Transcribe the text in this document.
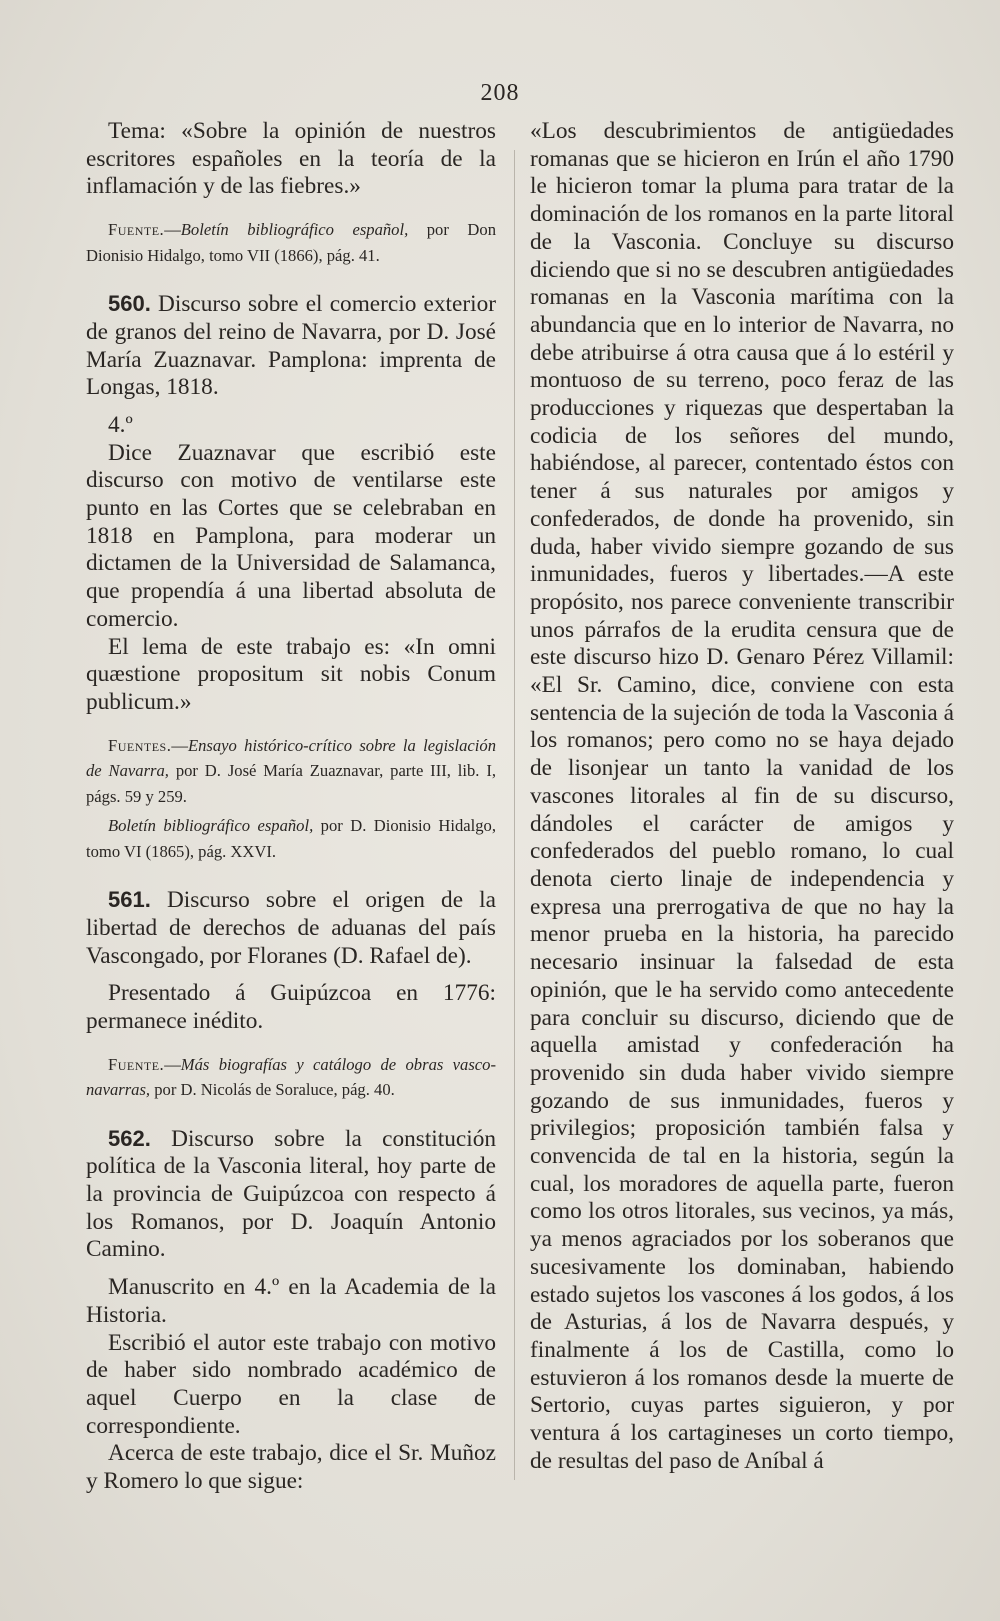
208

Tema: «Sobre la opinión de nuestros escritores españoles en la teoría de la inflamación y de las fiebres.»

Fuente.—Boletín bibliográfico español, por Don Dionisio Hidalgo, tomo VII (1866), pág. 41.

560. Discurso sobre el comercio exterior de granos del reino de Navarra, por D. José María Zuaznavar. Pamplona: imprenta de Longas, 1818.

4.º

Dice Zuaznavar que escribió este discurso con motivo de ventilarse este punto en las Cortes que se celebraban en 1818 en Pamplona, para moderar un dictamen de la Universidad de Salamanca, que propendía á una libertad absoluta de comercio.

El lema de este trabajo es: «In omni quæstione propositum sit nobis Conum publicum.»

Fuentes.—Ensayo histórico-crítico sobre la legislación de Navarra, por D. José María Zuaznavar, parte III, lib. I, págs. 59 y 259.

Boletín bibliográfico español, por D. Dionisio Hidalgo, tomo VI (1865), pág. XXVI.

561. Discurso sobre el origen de la libertad de derechos de aduanas del país Vascongado, por Floranes (D. Rafael de).

Presentado á Guipúzcoa en 1776: permanece inédito.

Fuente.—Más biografías y catálogo de obras vasco-navarras, por D. Nicolás de Soraluce, pág. 40.

562. Discurso sobre la constitución política de la Vasconia literal, hoy parte de la provincia de Guipúzcoa con respecto á los Romanos, por D. Joaquín Antonio Camino.

Manuscrito en 4.º en la Academia de la Historia.

Escribió el autor este trabajo con motivo de haber sido nombrado académico de aquel Cuerpo en la clase de correspondiente.

Acerca de este trabajo, dice el Sr. Muñoz y Romero lo que sigue:

«Los descubrimientos de antigüedades romanas que se hicieron en Irún el año 1790 le hicieron tomar la pluma para tratar de la dominación de los romanos en la parte litoral de la Vasconia. Concluye su discurso diciendo que si no se descubren antigüedades romanas en la Vasconia marítima con la abundancia que en lo interior de Navarra, no debe atribuirse á otra causa que á lo estéril y montuoso de su terreno, poco feraz de las producciones y riquezas que despertaban la codicia de los señores del mundo, habiéndose, al parecer, contentado éstos con tener á sus naturales por amigos y confederados, de donde ha provenido, sin duda, haber vivido siempre gozando de sus inmunidades, fueros y libertades.—A este propósito, nos parece conveniente transcribir unos párrafos de la erudita censura que de este discurso hizo D. Genaro Pérez Villamil: «El Sr. Camino, dice, conviene con esta sentencia de la sujeción de toda la Vasconia á los romanos; pero como no se haya dejado de lisonjear un tanto la vanidad de los vascones litorales al fin de su discurso, dándoles el carácter de amigos y confederados del pueblo romano, lo cual denota cierto linaje de independencia y expresa una prerrogativa de que no hay la menor prueba en la historia, ha parecido necesario insinuar la falsedad de esta opinión, que le ha servido como antecedente para concluir su discurso, diciendo que de aquella amistad y confederación ha provenido sin duda haber vivido siempre gozando de sus inmunidades, fueros y privilegios; proposición también falsa y convencida de tal en la historia, según la cual, los moradores de aquella parte, fueron como los otros litorales, sus vecinos, ya más, ya menos agraciados por los soberanos que sucesivamente los dominaban, habiendo estado sujetos los vascones á los godos, á los de Asturias, á los de Navarra después, y finalmente á los de Castilla, como lo estuvieron á los romanos desde la muerte de Sertorio, cuyas partes siguieron, y por ventura á los cartagineses un corto tiempo, de resultas del paso de Aníbal á
